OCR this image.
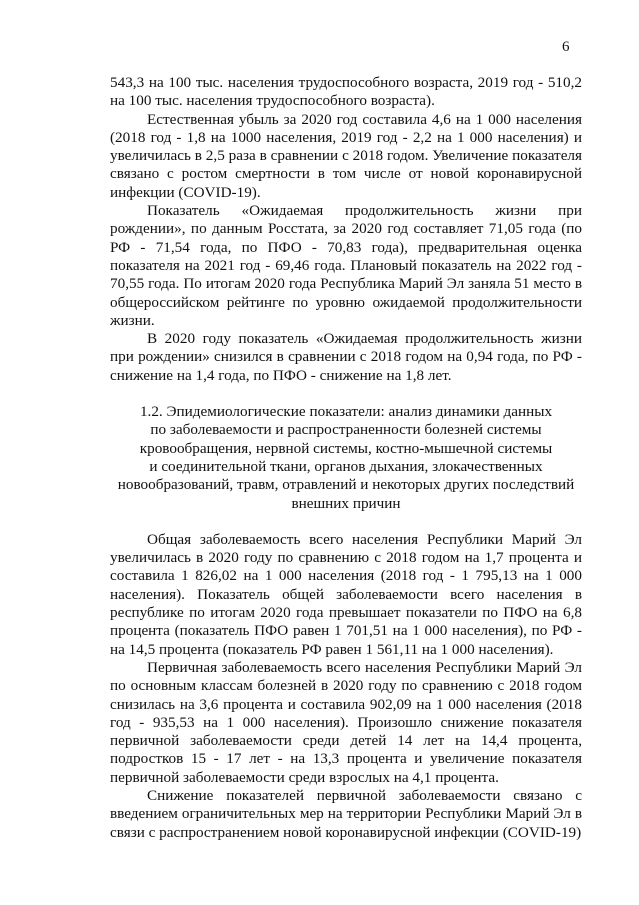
6

543,3 на 100 тыс. населения трудоспособного возраста, 2019 год - 510,2 на 100 тыс. населения трудоспособного возраста).

Естественная убыль за 2020 год составила 4,6 на 1 000 населения (2018 год - 1,8 на 1000 населения, 2019 год - 2,2 на 1 000 населения) и увеличилась в 2,5 раза в сравнении с 2018 годом. Увеличение показателя связано с ростом смертности в том числе от новой коронавирусной инфекции (COVID-19).

Показатель «Ожидаемая продолжительность жизни при рождении», по данным Росстата, за 2020 год составляет 71,05 года (по РФ - 71,54 года, по ПФО - 70,83 года), предварительная оценка показателя на 2021 год - 69,46 года. Плановый показатель на 2022 год - 70,55 года. По итогам 2020 года Республика Марий Эл заняла 51 место в общероссийском рейтинге по уровню ожидаемой продолжительности жизни.

В 2020 году показатель «Ожидаемая продолжительность жизни при рождении» снизился в сравнении с 2018 годом на 0,94 года, по РФ - снижение на 1,4 года, по ПФО - снижение на 1,8 лет.

1.2. Эпидемиологические показатели: анализ динамики данных
по заболеваемости и распространенности болезней системы
кровообращения, нервной системы, костно-мышечной системы
и соединительной ткани, органов дыхания, злокачественных
новообразований, травм, отравлений и некоторых других последствий
внешних причин

Общая заболеваемость всего населения Республики Марий Эл увеличилась в 2020 году по сравнению с 2018 годом на 1,7 процента и составила 1 826,02 на 1 000 населения (2018 год - 1 795,13 на 1 000 населения). Показатель общей заболеваемости всего населения в республике по итогам 2020 года превышает показатели по ПФО на 6,8 процента (показатель ПФО равен 1 701,51 на 1 000 населения), по РФ - на 14,5 процента (показатель РФ равен 1 561,11 на 1 000 населения).

Первичная заболеваемость всего населения Республики Марий Эл по основным классам болезней в 2020 году по сравнению с 2018 годом снизилась на 3,6 процента и составила 902,09 на 1 000 населения (2018 год - 935,53 на 1 000 населения). Произошло снижение показателя первичной заболеваемости среди детей 14 лет на 14,4 процента, подростков 15 - 17 лет - на 13,3 процента и увеличение показателя первичной заболеваемости среди взрослых на 4,1 процента.

Снижение показателей первичной заболеваемости связано с введением ограничительных мер на территории Республики Марий Эл в связи с распространением новой коронавирусной инфекции (COVID-19)
